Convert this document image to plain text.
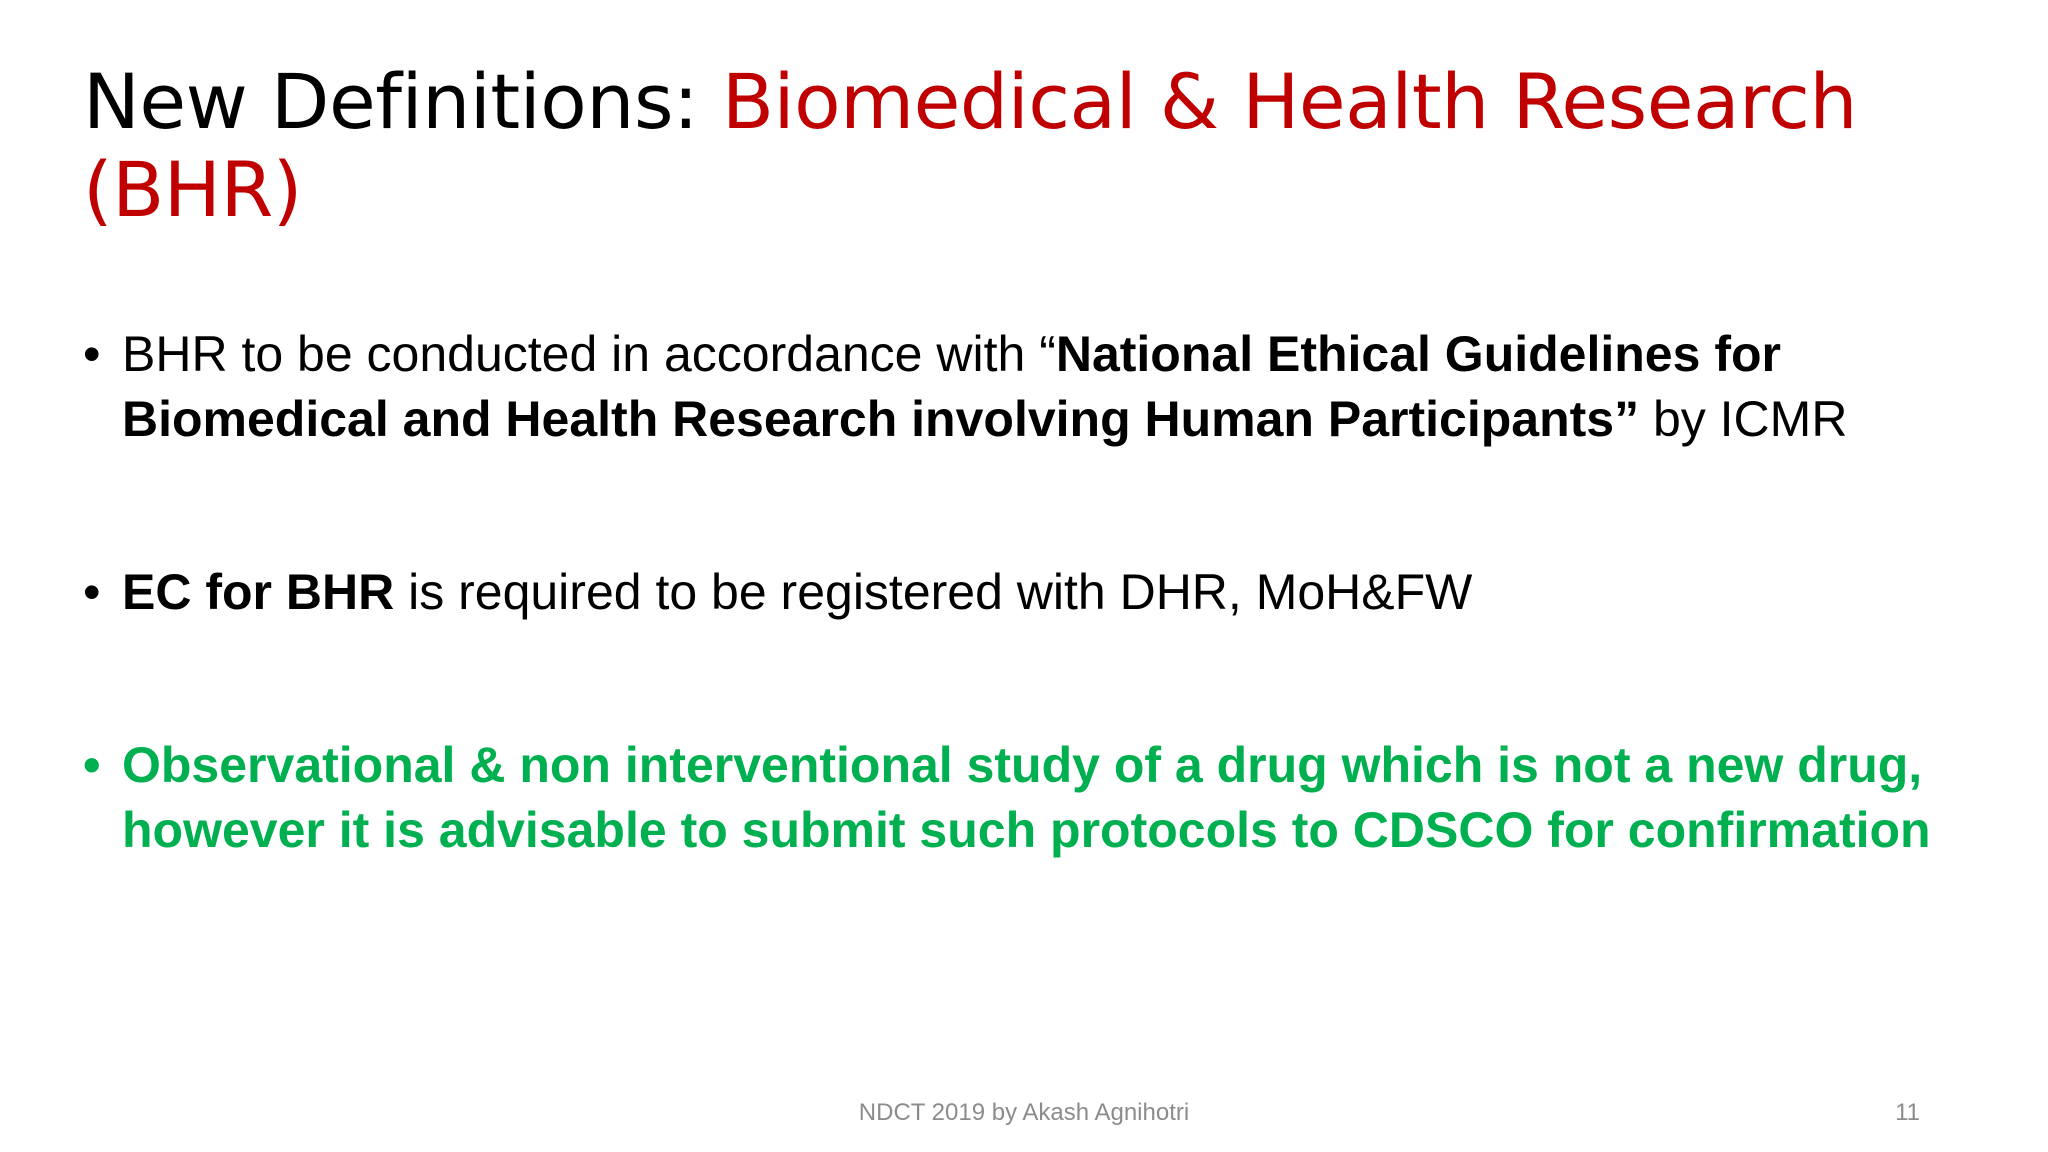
New Definitions: Biomedical & Health Research (BHR)
• BHR to be conducted in accordance with “National Ethical Guidelines for Biomedical and Health Research involving Human Participants” by ICMR
• EC for BHR is required to be registered with DHR, MoH&FW
• Observational & non interventional study of a drug which is not a new drug, however it is advisable to submit such protocols to CDSCO for confirmation
NDCT 2019 by Akash Agnihotri	11
